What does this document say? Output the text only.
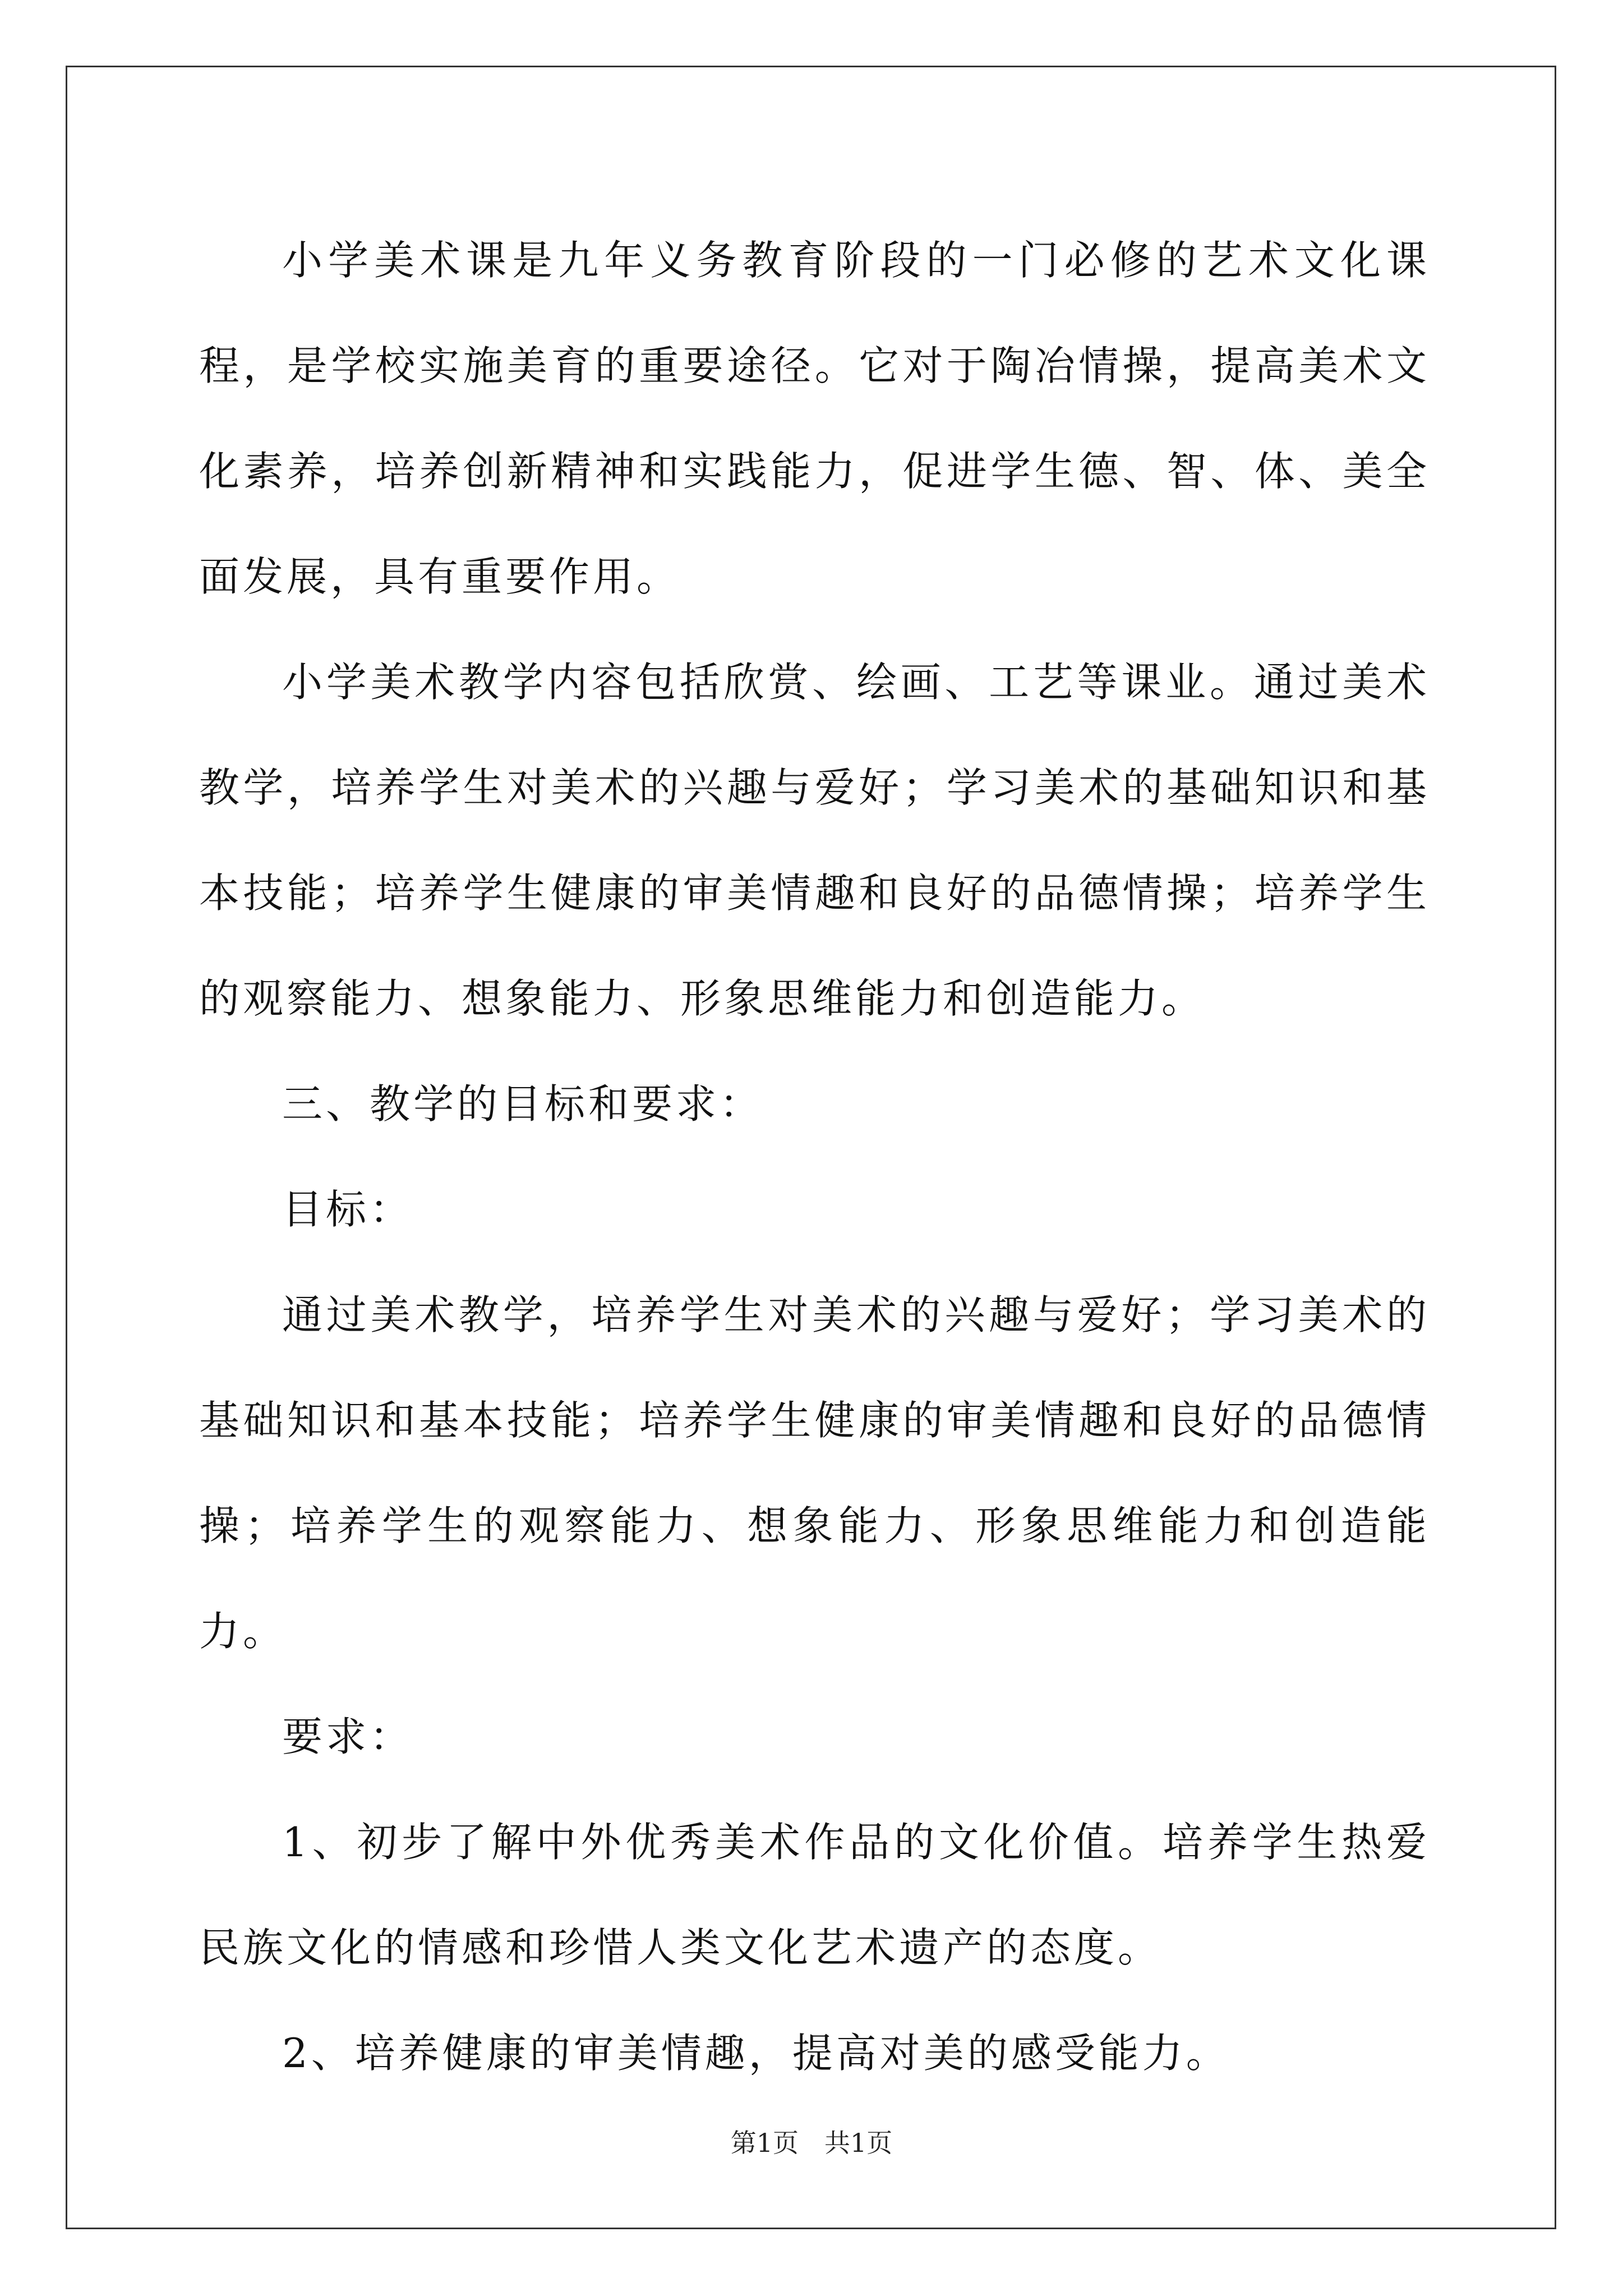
小学美术课是九年义务教育阶段的一门必修的艺术文化课程，是学校实施美育的重要途径。它对于陶冶情操，提高美术文化素养，培养创新精神和实践能力，促进学生德、智、体、美全面发展，具有重要作用。

小学美术教学内容包括欣赏、绘画、工艺等课业。通过美术教学，培养学生对美术的兴趣与爱好；学习美术的基础知识和基本技能；培养学生健康的审美情趣和良好的品德情操；培养学生的观察能力、想象能力、形象思维能力和创造能力。

三、教学的目标和要求：

目标：

通过美术教学，培养学生对美术的兴趣与爱好；学习美术的基础知识和基本技能；培养学生健康的审美情趣和良好的品德情操；培养学生的观察能力、想象能力、形象思维能力和创造能力。

要求：

1、初步了解中外优秀美术作品的文化价值。培养学生热爱民族文化的情感和珍惜人类文化艺术遗产的态度。

2、培养健康的审美情趣，提高对美的感受能力。

第1页 共1页
